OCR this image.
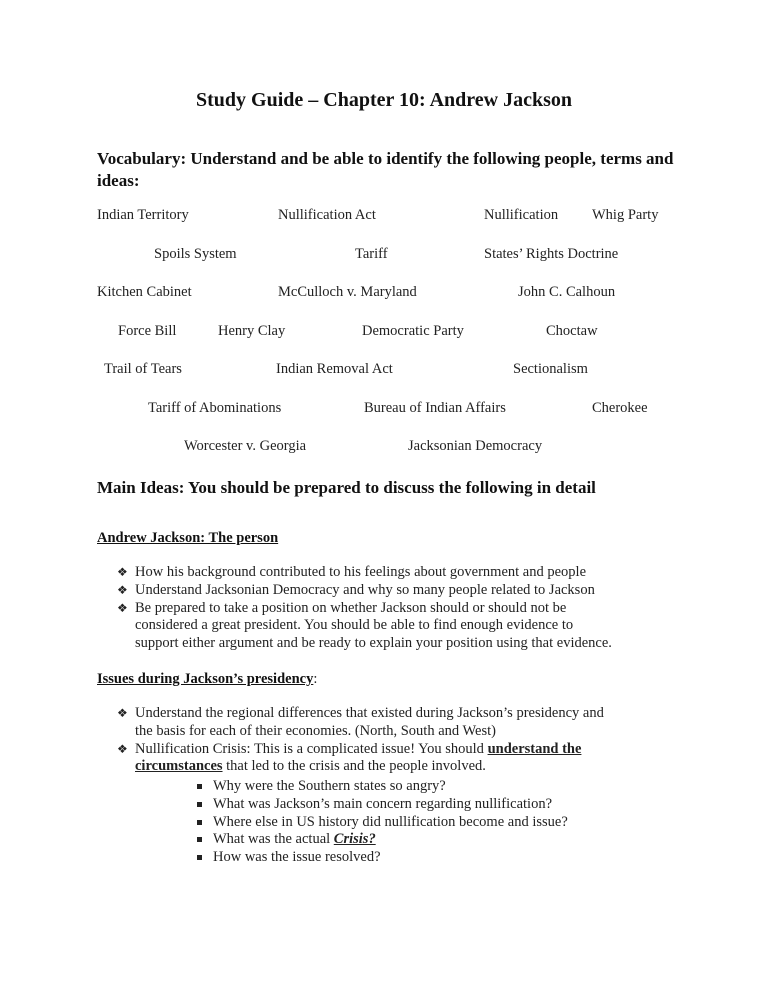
Study Guide – Chapter 10: Andrew Jackson
Vocabulary: Understand and be able to identify the following people, terms and ideas:
Indian Territory	Nullification Act	Nullification Whig Party
Spoils System	Tariff	States’ Rights Doctrine
Kitchen Cabinet	McCulloch v. Maryland	John C. Calhoun
Force Bill	Henry Clay	Democratic Party	Choctaw
Trail of Tears	Indian Removal Act	Sectionalism
Tariff of Abominations	Bureau of Indian Affairs	Cherokee
Worcester v. Georgia	Jacksonian Democracy
Main Ideas: You should be prepared to discuss the following in detail
Andrew Jackson: The person
❖ How his background contributed to his feelings about government and people
❖ Understand Jacksonian Democracy and why so many people related to Jackson
❖ Be prepared to take a position on whether Jackson should or should not be considered a great president. You should be able to find enough evidence to support either argument and be ready to explain your position using that evidence.
Issues during Jackson’s presidency:
❖ Understand the regional differences that existed during Jackson’s presidency and the basis for each of their economies. (North, South and West)
❖ Nullification Crisis: This is a complicated issue! You should understand the circumstances that led to the crisis and the people involved.
Why were the Southern states so angry?
What was Jackson’s main concern regarding nullification?
Where else in US history did nullification become and issue?
What was the actual Crisis?
How was the issue resolved?
